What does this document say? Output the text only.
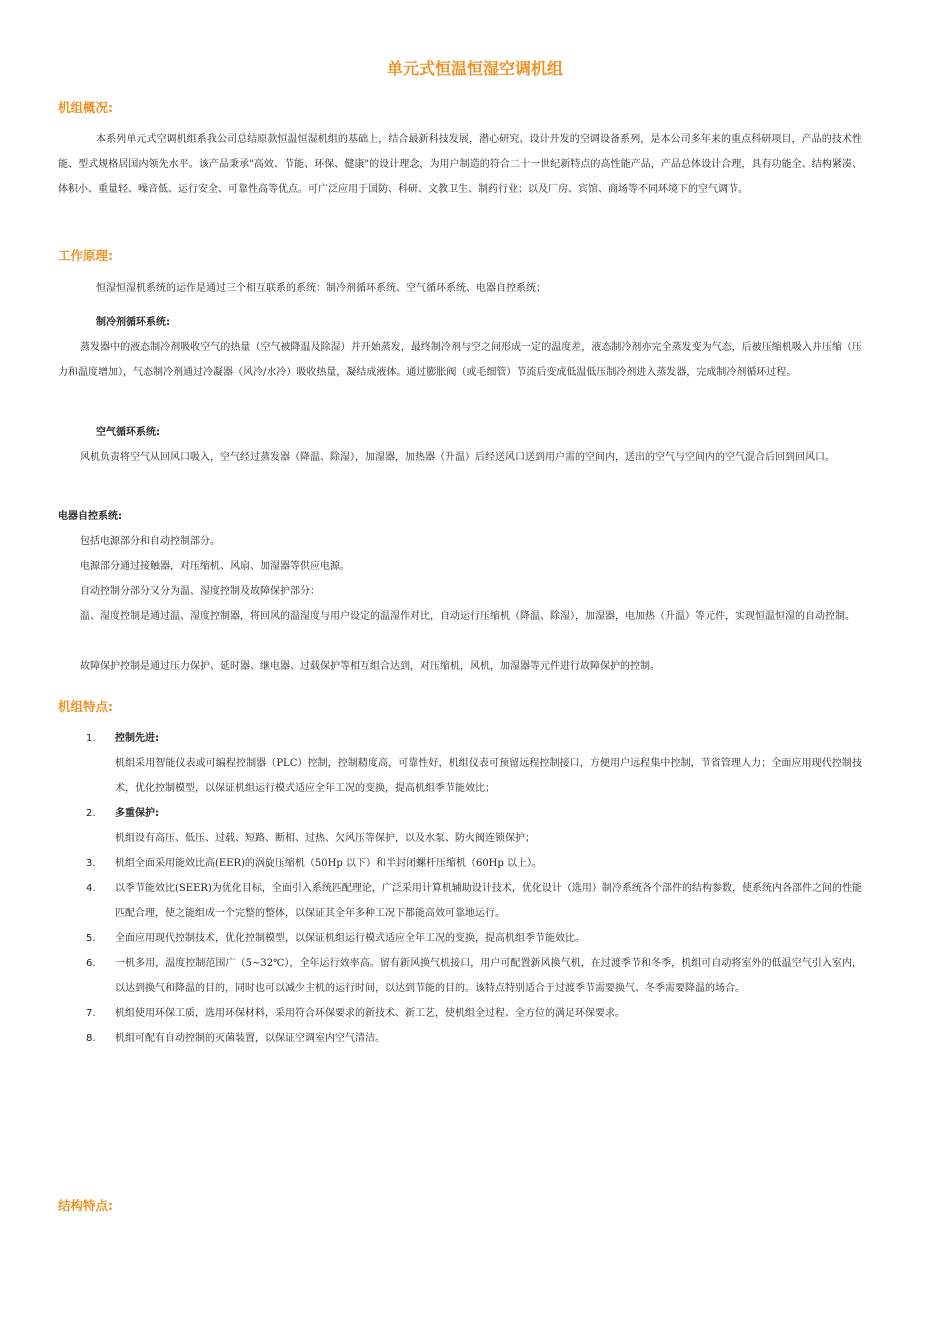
单元式恒温恒湿空调机组
机组概况:

本系列单元式空调机组系我公司总结原款恒温恒湿机组的基础上，结合最新科技发展，潜心研究、设计开发的空调设备系列，是本公司多年来的重点科研项目，产品的技术性能、型式规格居国内领先水平。该产品秉承"高效、节能、环保、健康"的设计理念，为用户制造的符合二十一世纪新特点的高性能产品，产品总体设计合理，具有功能全、结构紧凑、体积小、重量轻、噪音低、运行安全、可靠性高等优点。可广泛应用于国防、科研、文教卫生、制药行业；以及厂房、宾馆、商场等不同环境下的空气调节。

工作原理:
恒湿恒湿机系统的运作是通过三个相互联系的系统：制冷剂循环系统、空气循环系统、电器自控系统；
制冷剂循环系统:

蒸发器中的液态制冷剂吸收空气的热量（空气被降温及除湿）并开始蒸发，最终制冷剂与空之间形成一定的温度差，液态制冷剂亦完全蒸发变为气态，后被压缩机吸入并压缩（压力和温度增加），气态制冷剂通过冷凝器（风冷/水冷）吸收热量，凝结成液体。通过膨胀阀（或毛细管）节流后变成低温低压制冷剂进入蒸发器，完成制冷剂循环过程。

空气循环系统:

风机负责将空气从回风口吸入，空气经过蒸发器（降温、除湿），加湿器，加热器（升温）后经送风口送到用户需的空间内，送出的空气与空间内的空气混合后回到回风口。

电器自控系统:
包括电源部分和自动控制部分。
电源部分通过接触器，对压缩机、风扇、加湿器等供应电源。
自动控制分部分又分为温、湿度控制及故障保护部分：

温、湿度控制是通过温、湿度控制器，将回风的温湿度与用户设定的温湿作对比，自动运行压缩机（降温、除湿），加湿器，电加热（升温）等元件，实现恒温恒湿的自动控制。

故障保护控制是通过压力保护、延时器、继电器、过载保护等相互组合达到，对压缩机，风机，加湿器等元件进行故障保护的控制。
机组特点:
1. 控制先进:
机组采用智能仪表或可编程控制器（PLC）控制，控制精度高，可靠性好，机组仪表可预留远程控制接口，方便用户远程集中控制，节省管理人力；全面应用现代控制技术，优化控制模型，以保证机组运行模式适应全年工况的变换，提高机组季节能效比；
2. 多重保护:
机组设有高压、低压、过载、短路、断相、过热、欠风压等保护，以及水泵、防火阀连锁保护；
3. 机组全面采用能效比高(EER)的涡旋压缩机（50Hp 以下）和半封闭螺杆压缩机（60Hp 以上）。
4. 以季节能效比(SEER)为优化目标，全面引入系统匹配理论，广泛采用计算机辅助设计技术，优化设计（选用）制冷系统各个部件的结构参数，使系统内各部件之间的性能匹配合理，使之能组成一个完整的整体，以保证其全年多种工况下都能高效可靠地运行。
5. 全面应用现代控制技术，优化控制模型，以保证机组运行模式适应全年工况的变换，提高机组季节能效比。
6. 一机多用，温度控制范围广（5~32℃），全年运行效率高。留有新风换气机接口，用户可配置新风换气机，在过渡季节和冬季，机组可自动将室外的低温空气引入室内，以达到换气和降温的目的，同时也可以减少主机的运行时间，以达到节能的目的。该特点特别适合于过渡季节需要换气、冬季需要降温的场合。
7. 机组使用环保工质，选用环保材料，采用符合环保要求的新技术、新工艺，使机组全过程、全方位的满足环保要求。
8. 机组可配有自动控制的灭菌装置，以保证空调室内空气清洁。
结构特点:
